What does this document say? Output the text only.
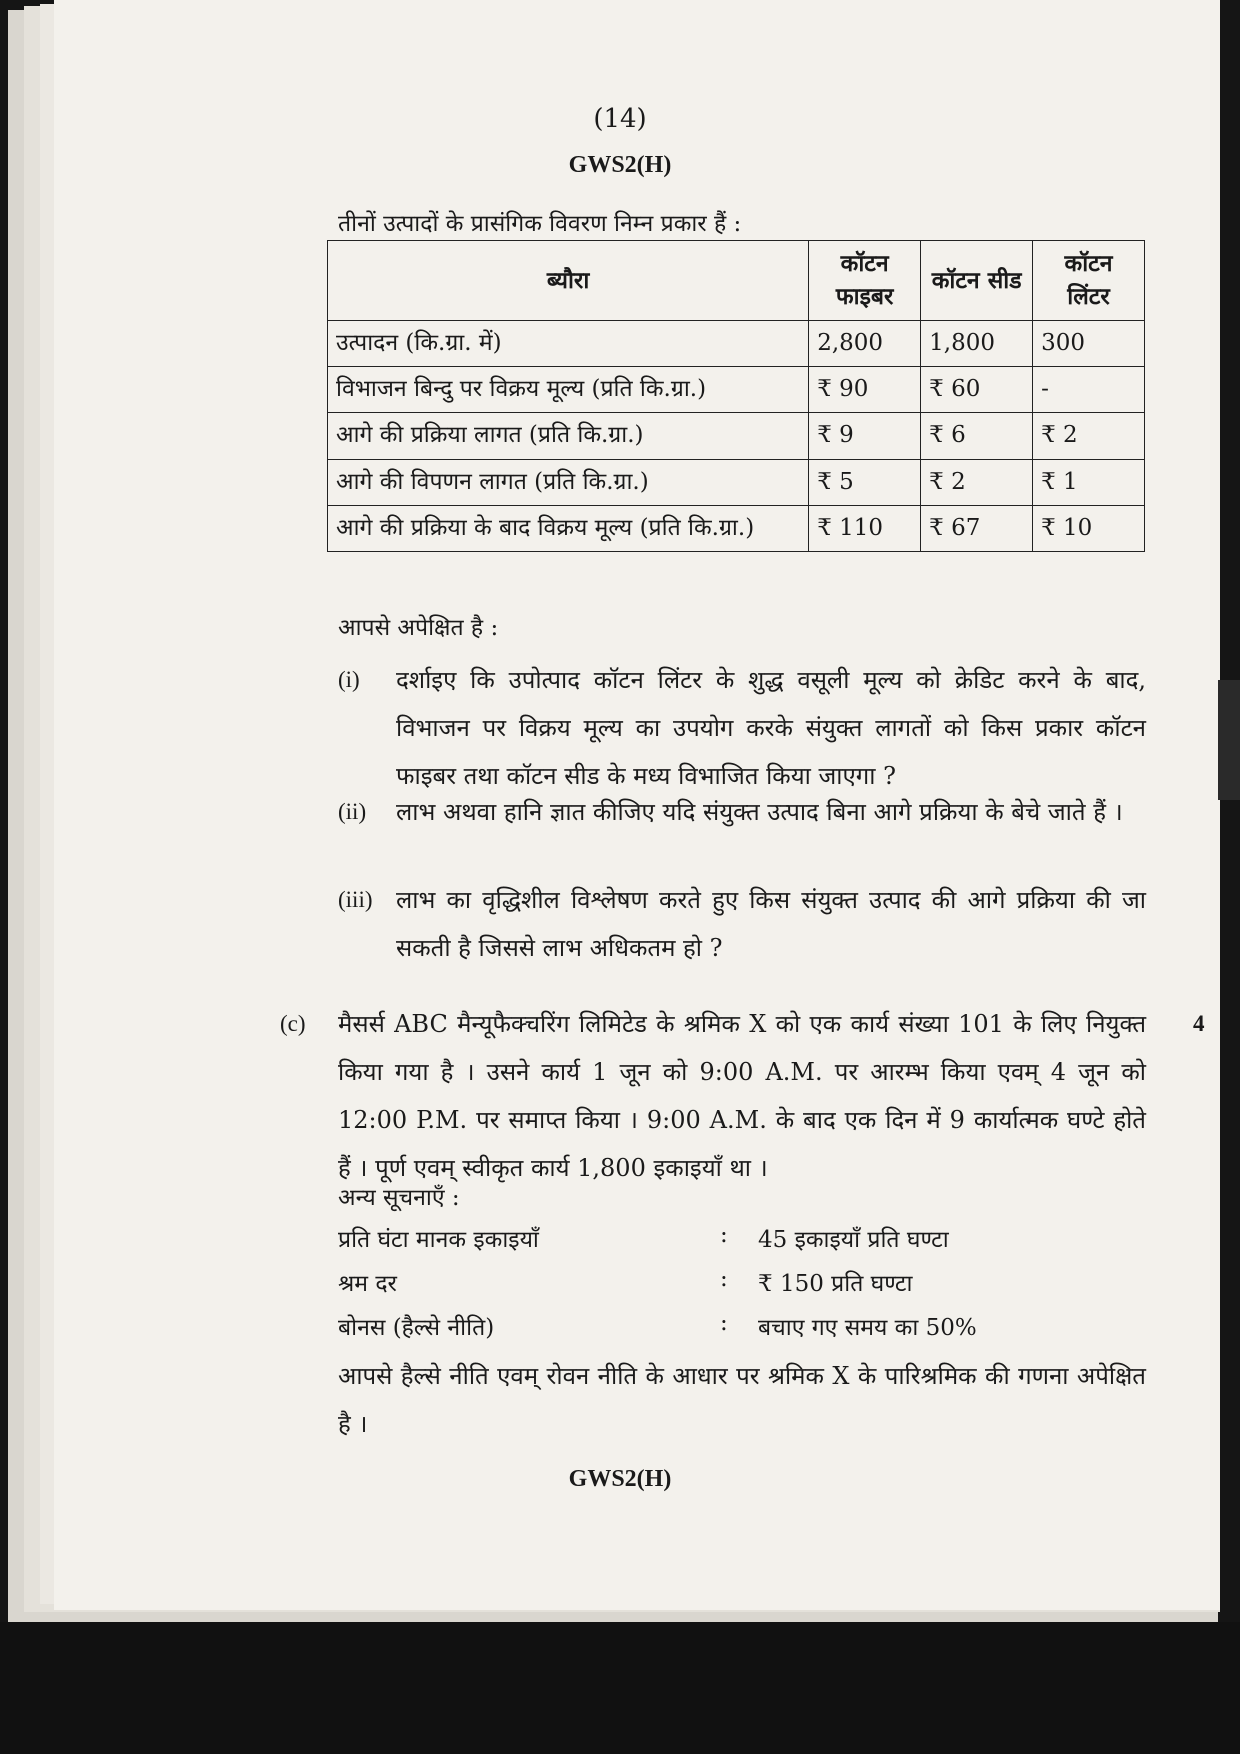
(14)
GWS2(H)
तीनों उत्पादों के प्रासंगिक विवरण निम्न प्रकार हैं :
ब्यौरा	कॉटन फाइबर	कॉटन सीड	कॉटन लिंटर
उत्पादन (कि.ग्रा. में)	2,800	1,800	300
विभाजन बिन्दु पर विक्रय मूल्य (प्रति कि.ग्रा.)	₹ 90	₹ 60	-
आगे की प्रक्रिया लागत (प्रति कि.ग्रा.)	₹ 9	₹ 6	₹ 2
आगे की विपणन लागत (प्रति कि.ग्रा.)	₹ 5	₹ 2	₹ 1
आगे की प्रक्रिया के बाद विक्रय मूल्य (प्रति कि.ग्रा.)	₹ 110	₹ 67	₹ 10
आपसे अपेक्षित है :
(i) दर्शाइए कि उपोत्पाद कॉटन लिंटर के शुद्ध वसूली मूल्य को क्रेडिट करने के बाद, विभाजन पर विक्रय मूल्य का उपयोग करके संयुक्त लागतों को किस प्रकार कॉटन फाइबर तथा कॉटन सीड के मध्य विभाजित किया जाएगा ?
(ii) लाभ अथवा हानि ज्ञात कीजिए यदि संयुक्त उत्पाद बिना आगे प्रक्रिया के बेचे जाते हैं ।
(iii) लाभ का वृद्धिशील विश्लेषण करते हुए किस संयुक्त उत्पाद की आगे प्रक्रिया की जा सकती है जिससे लाभ अधिकतम हो ?
(c) मैसर्स ABC मैन्यूफैक्चरिंग लिमिटेड के श्रमिक X को एक कार्य संख्या 101 के लिए नियुक्त किया गया है । उसने कार्य 1 जून को 9:00 A.M. पर आरम्भ किया एवम् 4 जून को 12:00 P.M. पर समाप्त किया । 9:00 A.M. के बाद एक दिन में 9 कार्यात्मक घण्टे होते हैं । पूर्ण एवम् स्वीकृत कार्य 1,800 इकाइयाँ था ।
4
अन्य सूचनाएँ :
प्रति घंटा मानक इकाइयाँ	: 45 इकाइयाँ प्रति घण्टा
श्रम दर	: ₹ 150 प्रति घण्टा
बोनस (हैल्से नीति)	: बचाए गए समय का 50%
आपसे हैल्से नीति एवम् रोवन नीति के आधार पर श्रमिक X के पारिश्रमिक की गणना अपेक्षित है ।
GWS2(H)
